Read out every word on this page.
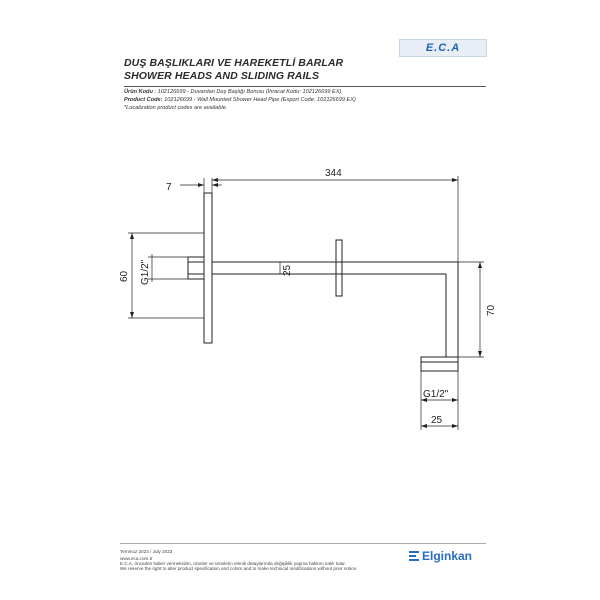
DUŞ BAŞLIKLARI VE HAREKETLİ BARLAR
SHOWER HEADS AND SLIDING RAILS
E.C.A
Ürün Kodu : 102126699 - Duvardan Duş Başlığı Borusu (İhracat Kodu: 102126699 EX)
Product Code: 102126699 - Wall Mounted Shower Head Pipe (Export Code: 102126699 EX)
*Localization product codes are available.
7
344
60 G1/2"	25
70
G1/2"
25
Temmuz 2023 / July 2023
www.eca.com.tr
E.C.A. önceden haber vermeksizin, ürünler ve ürünlerin teknik detaylarında değişiklik yapma hakkını saklı tutar.
We reserve the right to alter product specification and colors and to make technical modifications without prior notice.
Elginkan
